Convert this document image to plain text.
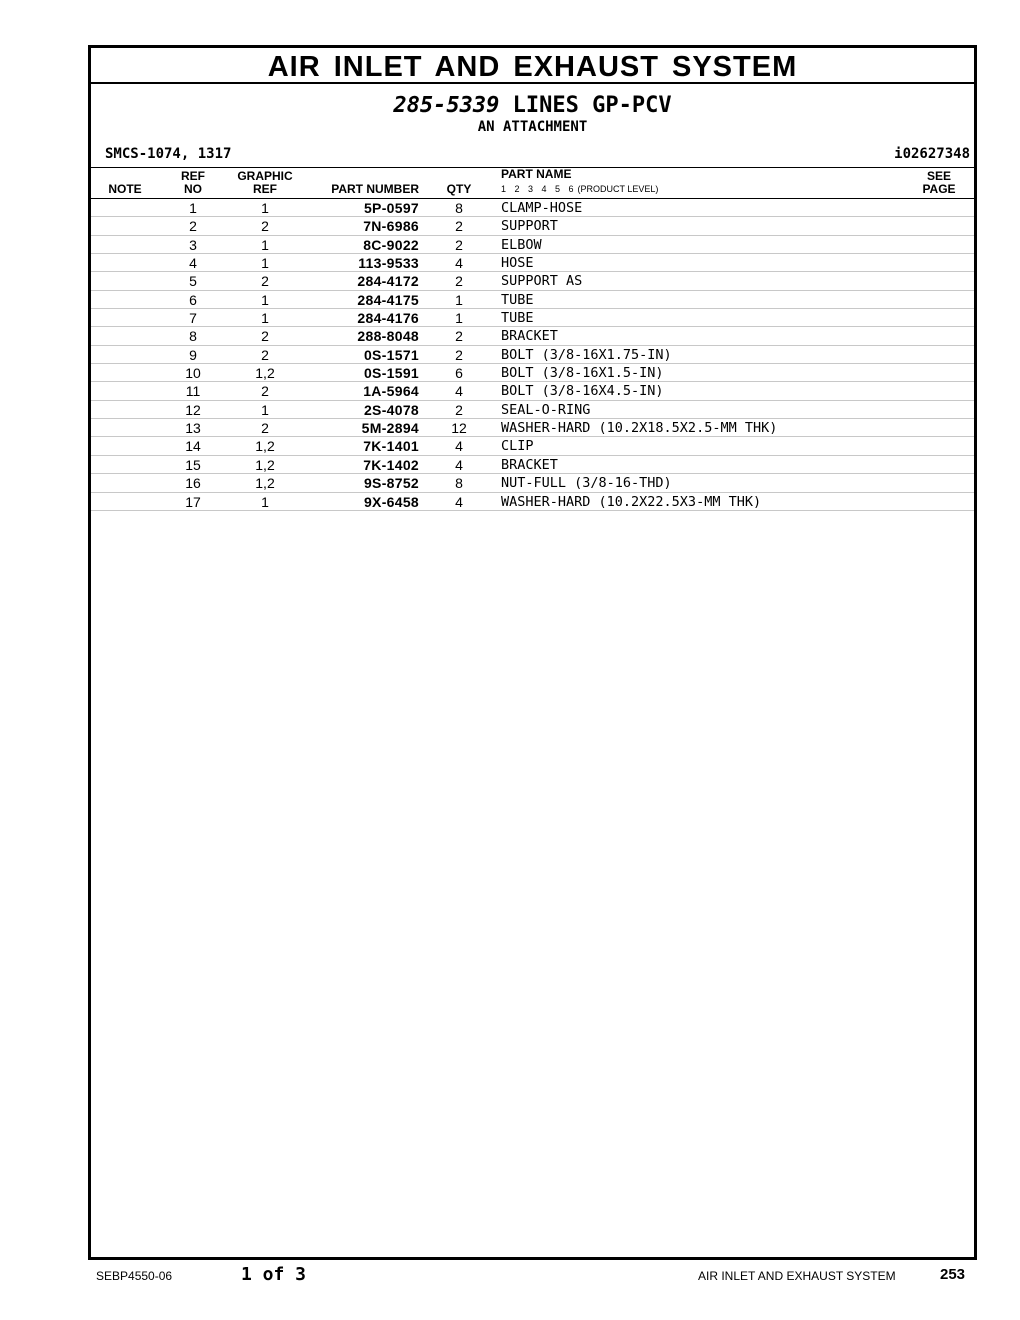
AIR INLET AND EXHAUST SYSTEM
285-5339 LINES GP-PCV
AN ATTACHMENT
SMCS-1074, 1317	i02627348
NOTE
REF
NO
GRAPHIC
REF	PART NUMBER	QTY
PART NAME
1 2 3 4 5 6 (PRODUCT LEVEL)
SEE
PAGE
1	1	5P-0597	8	CLAMP-HOSE
2	2	7N-6986	2	SUPPORT
3	1	8C-9022	2	ELBOW
4	1	113-9533	4	HOSE
5	2	284-4172	2	SUPPORT AS
6	1	284-4175	1	TUBE
7	1	284-4176	1	TUBE
8	2	288-8048	2	BRACKET
9	2	0S-1571	2	BOLT (3/8-16X1.75-IN)
10	1,2	0S-1591	6	BOLT (3/8-16X1.5-IN)
11	2	1A-5964	4	BOLT (3/8-16X4.5-IN)
12	1	2S-4078	2	SEAL-O-RING
13	2	5M-2894	12	WASHER-HARD (10.2X18.5X2.5-MM THK)
14	1,2	7K-1401	4	CLIP
15	1,2	7K-1402	4	BRACKET
16	1,2	9S-8752	8	NUT-FULL (3/8-16-THD)
17	1	9X-6458	4	WASHER-HARD (10.2X22.5X3-MM THK)
SEBP4550-06	1 of 3	AIR INLET AND EXHAUST SYSTEM	253
